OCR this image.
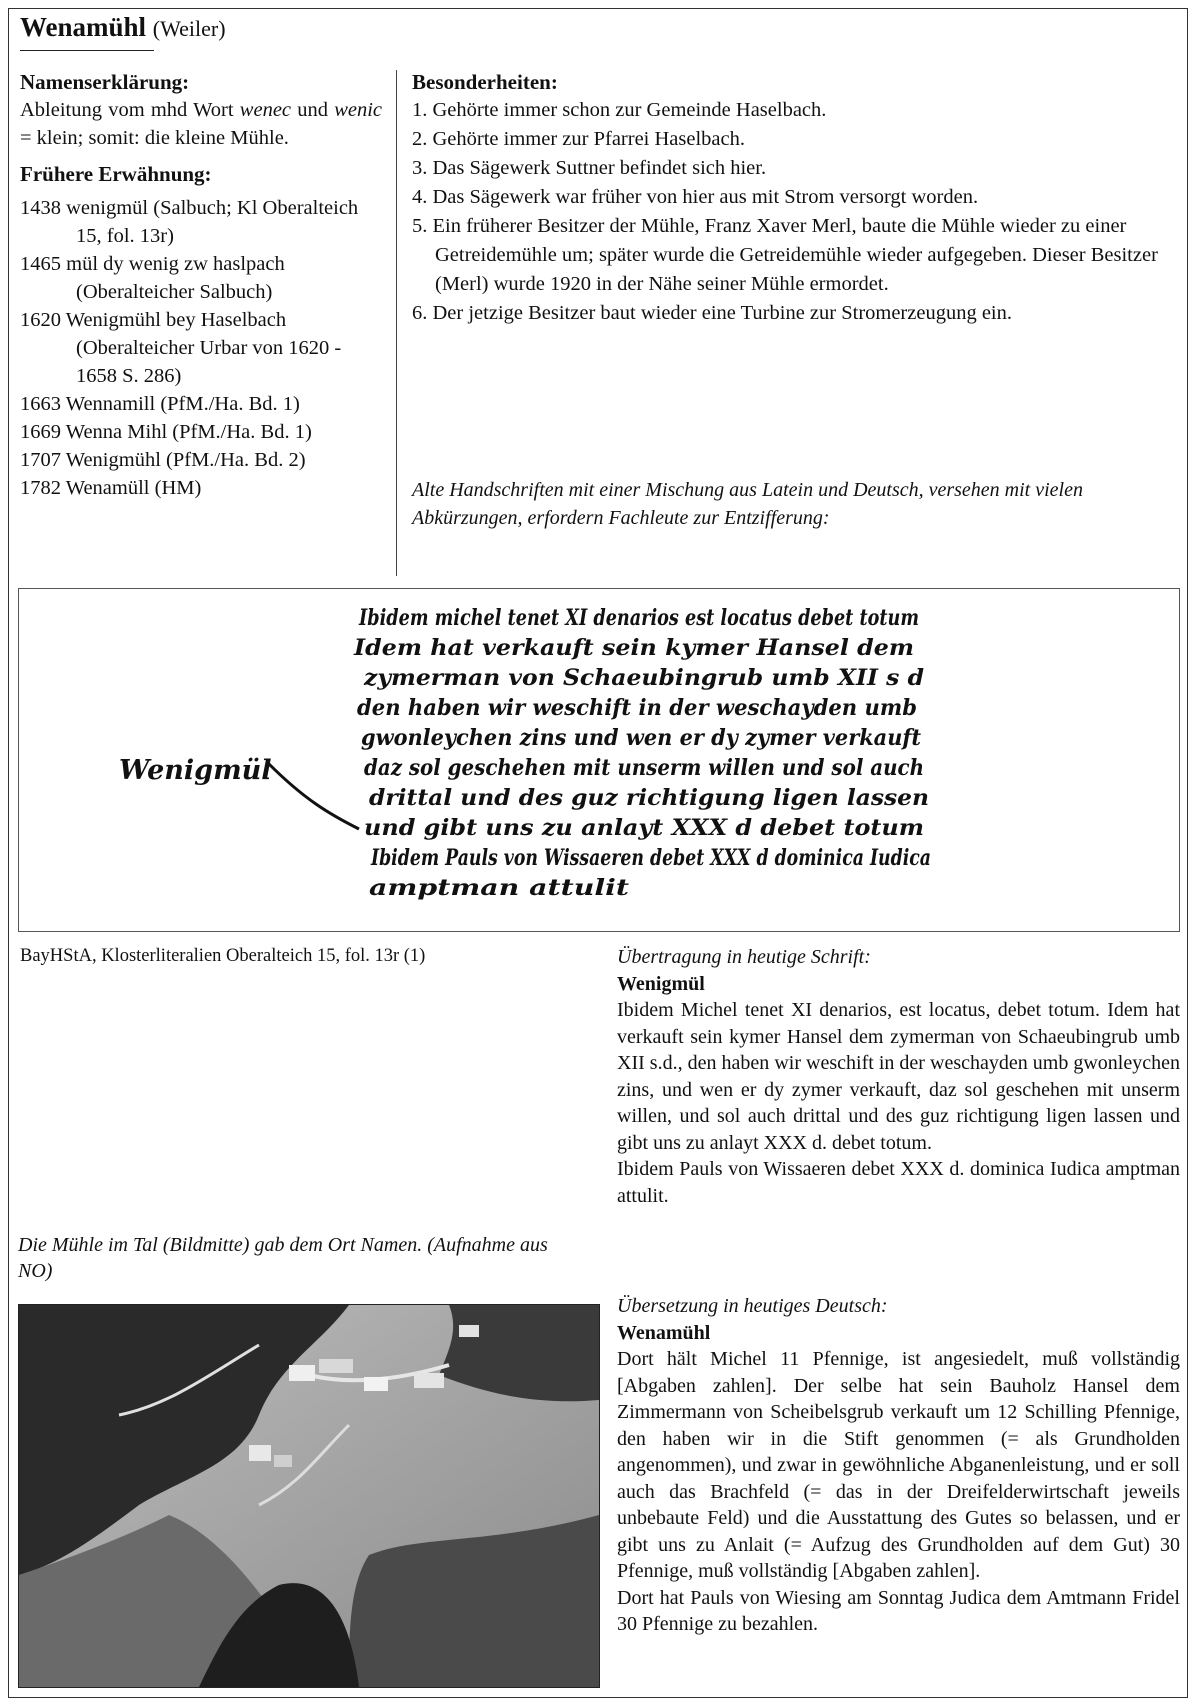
Wenamühl (Weiler)
Namenserklärung:

Ableitung vom mhd Wort wenec und wenic = klein; somit: die kleine Mühle.

Frühere Erwähnung:

1438 wenigmül (Salbuch; Kl Oberalteich 15, fol. 13r)

1465 mül dy wenig zw haslpach (Oberalteicher Salbuch)

1620 Wenigmühl bey Haselbach (Oberalteicher Urbar von 1620 - 1658 S. 286)

1663 Wennamill (PfM./Ha. Bd. 1)

1669 Wenna Mihl (PfM./Ha. Bd. 1)

1707 Wenigmühl (PfM./Ha. Bd. 2)

1782 Wenamüll (HM)

Besonderheiten:

1. Gehörte immer schon zur Gemeinde Haselbach.

2. Gehörte immer zur Pfarrei Haselbach.

3. Das Sägewerk Suttner befindet sich hier.

4. Das Sägewerk war früher von hier aus mit Strom versorgt worden.

5. Ein früherer Besitzer der Mühle, Franz Xaver Merl, baute die Mühle wieder zu einer Getreidemühle um; später wurde die Getreidemühle wieder aufgegeben. Dieser Besitzer (Merl) wurde 1920 in der Nähe seiner Mühle ermordet.

6. Der jetzige Besitzer baut wieder eine Turbine zur Stromerzeugung ein.

Alte Handschriften mit einer Mischung aus Latein und Deutsch, versehen mit vielen Abkürzungen, erfordern Fachleute zur Entzifferung:

Ibidem michel tenet XI denarios est locatus debet totum
Idem hat verkauft sein kymer Hansel dem
zymerman von Schaeubingrub umb XII s d
den haben wir weschift in der weschayden umb
gwonleychen zins und wen er dy zymer verkauft
daz sol geschehen mit unserm willen und sol auch
drittal und des guz richtigung ligen lassen
und gibt uns zu anlayt XXX d debet totum
Ibidem Pauls von Wissaeren debet XXX d dominica Iudica
amptman attulit
Wenigmül
BayHStA, Klosterliteralien Oberalteich 15, fol. 13r (1)	Übertragung in heutige Schrift:

Wenigmül

Ibidem Michel tenet XI denarios, est locatus, debet totum. Idem hat verkauft sein kymer Hansel dem zymerman von Schaeubingrub umb XII s.d., den haben wir weschift in der weschayden umb gwonleychen zins, und wen er dy zymer verkauft, daz sol geschehen mit unserm willen, und sol auch drittal und des guz richtigung ligen lassen und gibt uns zu anlayt XXX d. debet totum.

Ibidem Pauls von Wissaeren debet XXX d. dominica Iudica amptman attulit.

Die Mühle im Tal (Bildmitte) gab dem Ort Namen. (Aufnahme aus NO)

Übersetzung in heutiges Deutsch:

Wenamühl

Dort hält Michel 11 Pfennige, ist angesiedelt, muß vollständig [Abgaben zahlen]. Der selbe hat sein Bauholz Hansel dem Zimmermann von Scheibelsgrub verkauft um 12 Schilling Pfennige, den haben wir in die Stift genommen (= als Grundholden angenommen), und zwar in gewöhnliche Abganenleistung, und er soll auch das Brachfeld (= das in der Dreifelderwirtschaft jeweils unbebaute Feld) und die Ausstattung des Gutes so belassen, und er gibt uns zu Anlait (= Aufzug des Grundholden auf dem Gut) 30 Pfennige, muß vollständig [Abgaben zahlen].

Dort hat Pauls von Wiesing am Sonntag Judica dem Amtmann Fridel 30 Pfennige zu bezahlen.
